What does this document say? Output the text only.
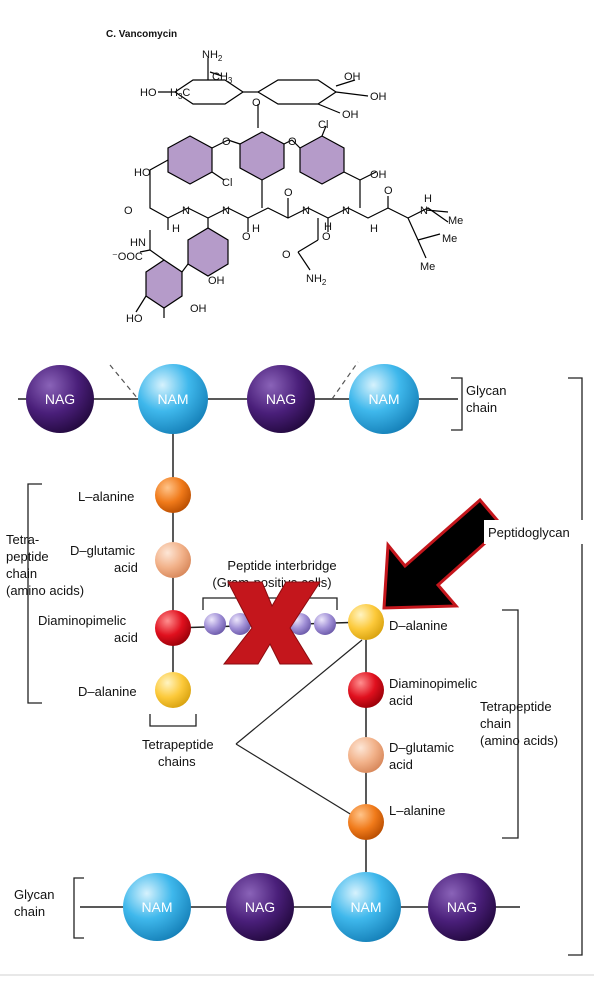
C. Vancomycin
$NH_2$
$CH_3$
HO $H_3C$
OH
OH
OH
Cl
Cl
HO	OH
O	O
O
O	O
O
O	O
O
N	N	N	N	N
H	H	H	H
H
HN
⁻OOC
Me
Me
Me
$NH_2$
OH
OH
HO
NAG	NAM	NAG	NAM
NAM	NAG	NAM	NAG
Peptide interbridge
(Gram-positive cells)
L–alanine
D–glutamic
acid
Diaminopimelic
acid
D–alanine
Tetra-
peptide
chain
(amino acids)
Tetrapeptide
chains
D–alanine
Diaminopimelic
acid
D–glutamic
acid
L–alanine
Tetrapeptide
chain
(amino acids)
Glycan
chain
Glycan
chain
Peptidoglycan
